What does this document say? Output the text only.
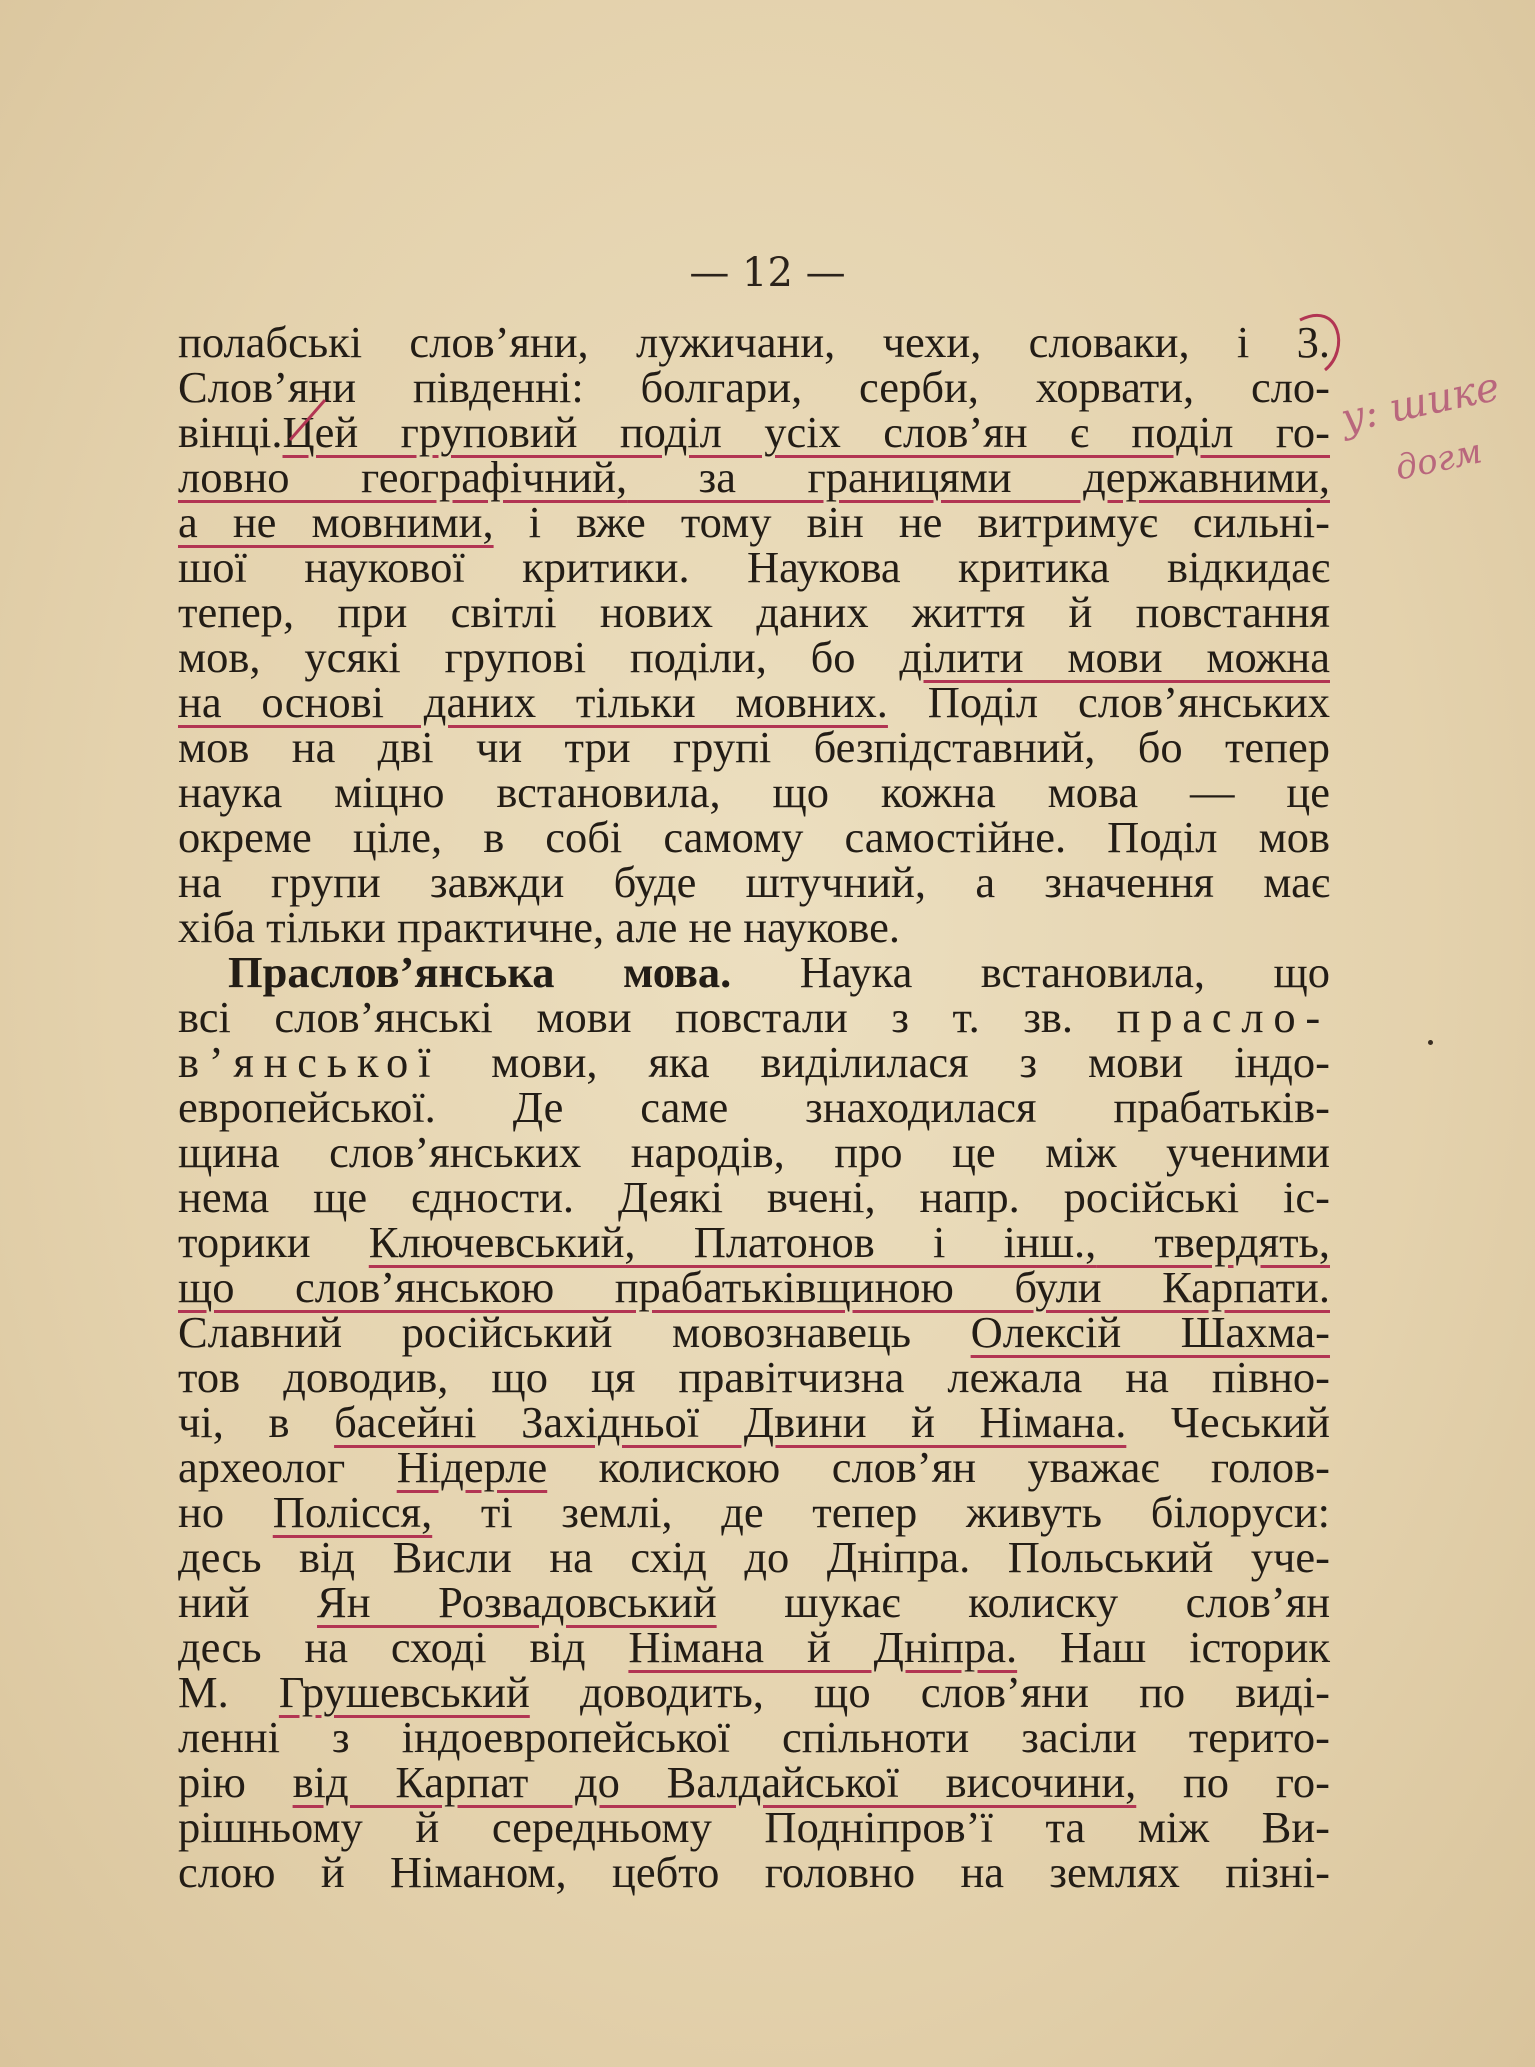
— 12 —
полабські слов’яни, лужичани, чехи, словаки, і 3.
Слов’яни південні: болгари, серби, хорвати, сло-
вінці.Цей груповий поділ усіх слов’ян є поділ го-
ловно географічний, за границями державними,
а не мовними, і вже тому він не витримує сильні-
шої наукової критики. Наукова критика відкидає
тепер, при світлі нових даних життя й повстання
мов, усякі групові поділи, бо ділити мови можна
на основі даних тільки мовних. Поділ слов’янських
мов на дві чи три групі безпідставний, бо тепер
наука міцно встановила, що кожна мова — це
окреме ціле, в собі самому самостійне. Поділ мов
на групи завжди буде штучний, а значення має
хіба тільки практичне, але не наукове.
Праслов’янська мова. Наука встановила, що
всі слов’янські мови повстали з т. зв. прасло-
в’янської мови, яка виділилася з мови індо-
европейської. Де саме знаходилася прабатьків-
щина слов’янських народів, про це між ученими
нема ще єдности. Деякі вчені, напр. російські іс-
торики Ключевський, Платонов і інш., твердять,
що слов’янською прабатьківщиною були Карпати.
Славний російський мовознавець Олексій Шахма-
тов доводив, що ця правітчизна лежала на півно-
чі, в басейні Західньої Двини й Німана. Чеський
археолог Нідерле колискою слов’ян уважає голов-
но Полісся, ті землі, де тепер живуть білоруси:
десь від Висли на схід до Дніпра. Польський уче-
ний Ян Розвадовський шукає колиску слов’ян
десь на сході від Німана й Дніпра. Наш історик
М. Грушевський доводить, що слов’яни по виді-
ленні з індоевропейської спільноти засіли терито-
рію від Карпат до Валдайської височини, по го-
рішньому й середньому Подніпров’ї та між Ви-
слою й Німаном, цебто головно на землях пізні-
у: шике
догм
